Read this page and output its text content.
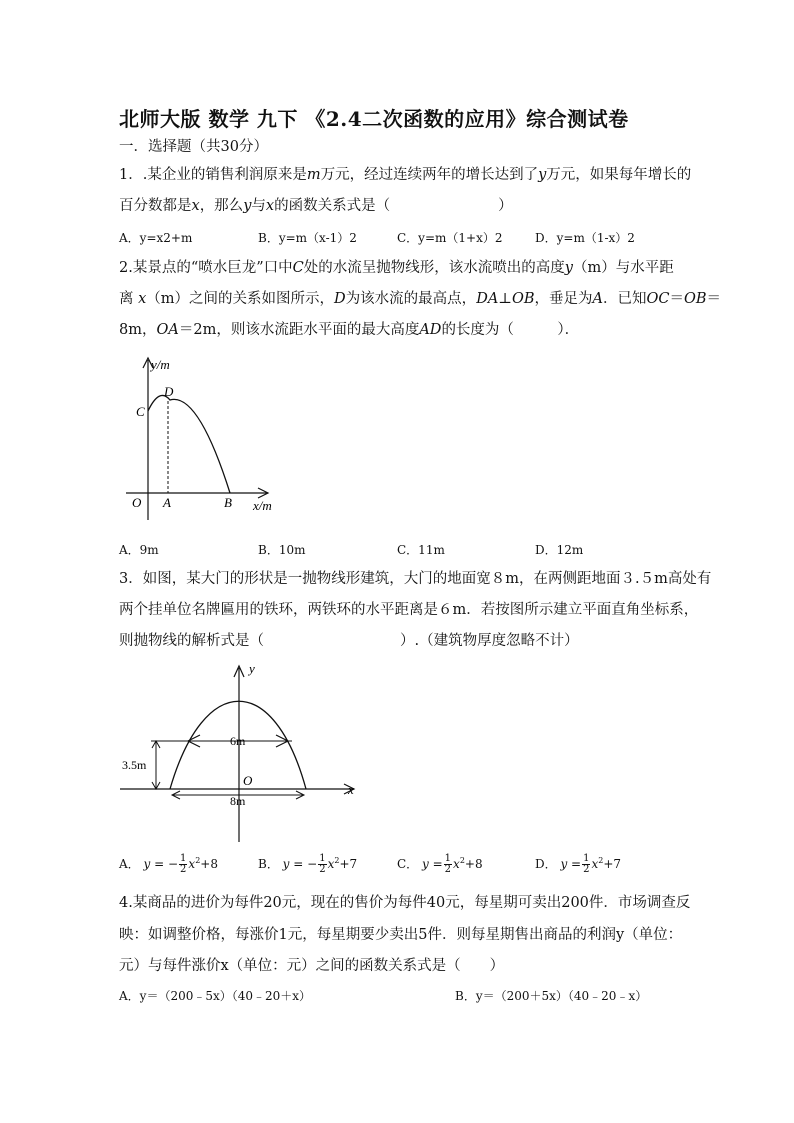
北师大版 数学 九下 《2.4二次函数的应用》综合测试卷
一．选择题（共30分）
1．.某企业的销售利润原来是m万元，经过连续两年的增长达到了y万元，如果每年增长的
百分数都是x，那么y与x的函数关系式是（	）
A．y=x2+m	B．y=m（x-1）2	C．y=m（1+x）2	D．y=m（1-x）2
2.某景点的“喷水巨龙”口中C处的水流呈抛物线形，该水流喷出的高度y（m）与水平距
离 x（m）之间的关系如图所示，D为该水流的最高点，DA⊥OB，垂足为A．已知OC＝OB＝
8m，OA＝2m，则该水流距水平面的最大高度AD的长度为（　　　）．
y/m
x/m
O A	B
C
D
A．9m	B．10m	C．11m	D．12m
3．如图，某大门的形状是一抛物线形建筑，大门的地面宽８m，在两侧距地面３.５m高处有
两个挂单位名牌匾用的铁环，两铁环的水平距离是６m．若按图所示建立平面直角坐标系，
则抛物线的解析式是（	）.（建筑物厚度忽略不计）
y
x
O
6m
8m
3.5m
A． y = − $\frac{1}{2} x^2+8$	B． y = − $\frac{1}{2} x^2+7$	C． $y = \frac{1}{2} x^2+8$	D． $y = \frac{1}{2} x^2+7$
4.某商品的进价为每件20元，现在的售价为每件40元，每星期可卖出200件．市场调查反
映：如调整价格，每涨价1元，每星期要少卖出5件．则每星期售出商品的利润y（单位：
元）与每件涨价x（单位：元）之间的函数关系式是（　　）
A．y＝（200﹣5x）（40﹣20＋x）	B．y＝（200＋5x）（40﹣20﹣x）
